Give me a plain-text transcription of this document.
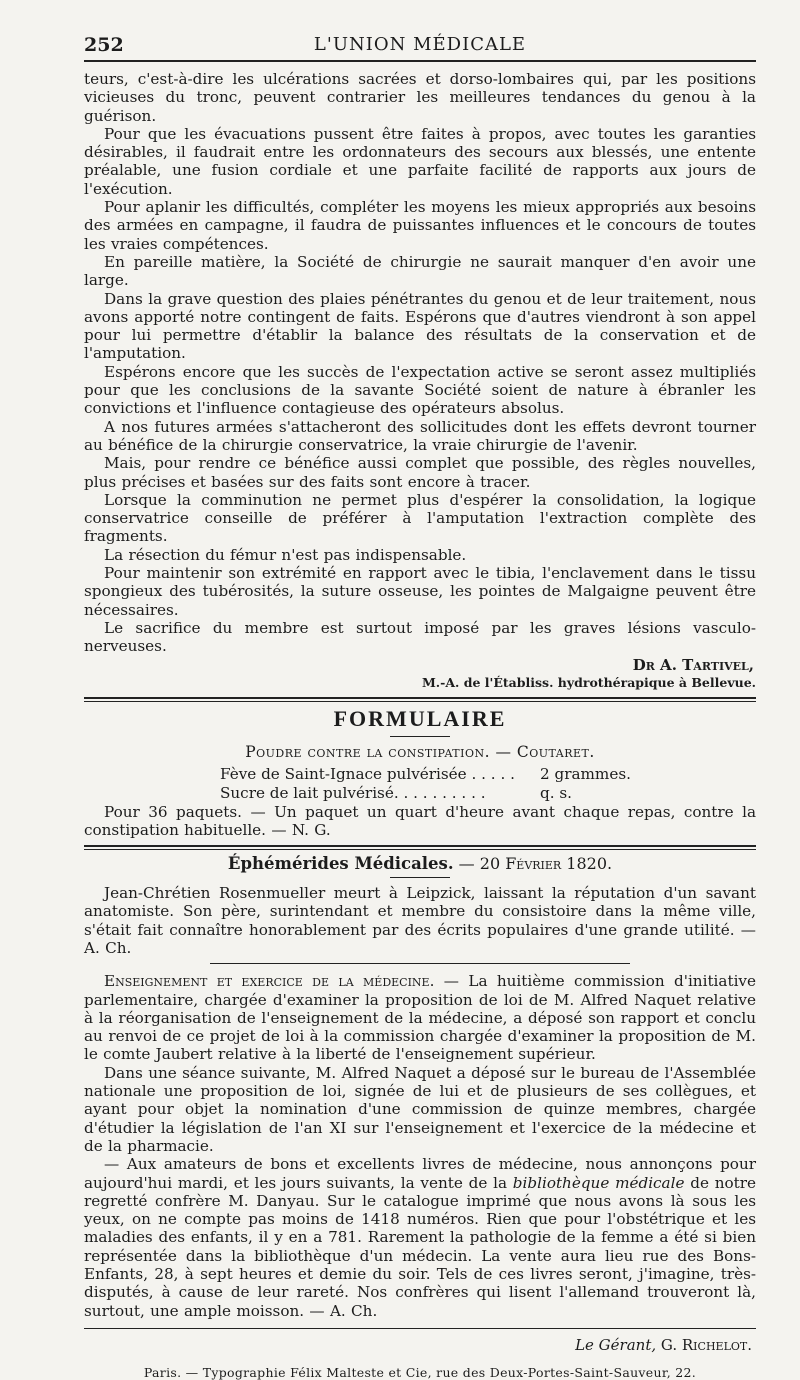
252	L'UNION MÉDICALE

teurs, c'est-à-dire les ulcérations sacrées et dorso-lombaires qui, par les positions vicieuses du tronc, peuvent contrarier les meilleures tendances du genou à la guérison.

Pour que les évacuations pussent être faites à propos, avec toutes les garanties désirables, il faudrait entre les ordonnateurs des secours aux blessés, une entente préalable, une fusion cordiale et une parfaite facilité de rapports aux jours de l'exécution.

Pour aplanir les difficultés, compléter les moyens les mieux appropriés aux besoins des armées en campagne, il faudra de puissantes influences et le concours de toutes les vraies compétences.

En pareille matière, la Société de chirurgie ne saurait manquer d'en avoir une large.

Dans la grave question des plaies pénétrantes du genou et de leur traitement, nous avons apporté notre contingent de faits. Espérons que d'autres viendront à son appel pour lui permettre d'établir la balance des résultats de la conservation et de l'amputation.

Espérons encore que les succès de l'expectation active se seront assez multipliés pour que les conclusions de la savante Société soient de nature à ébranler les convictions et l'influence contagieuse des opérateurs absolus.

A nos futures armées s'attacheront des sollicitudes dont les effets devront tourner au bénéfice de la chirurgie conservatrice, la vraie chirurgie de l'avenir.

Mais, pour rendre ce bénéfice aussi complet que possible, des règles nouvelles, plus précises et basées sur des faits sont encore à tracer.

Lorsque la comminution ne permet plus d'espérer la consolidation, la logique conservatrice conseille de préférer à l'amputation l'extraction complète des fragments.

La résection du fémur n'est pas indispensable.

Pour maintenir son extrémité en rapport avec le tibia, l'enclavement dans le tissu spongieux des tubérosités, la suture osseuse, les pointes de Malgaigne peuvent être nécessaires.

Le sacrifice du membre est surtout imposé par les graves lésions vasculo-nerveuses.

Dr A. Tartivel,
M.-A. de l'Établiss. hydrothérapique à Bellevue.
FORMULAIRE
Poudre contre la constipation. — Coutaret.
Fève de Saint-Ignace pulvérisée . . . . .	2 grammes.
Sucre de lait pulvérisé. . . . . . . . . .	q. s.

Pour 36 paquets. — Un paquet un quart d'heure avant chaque repas, contre la constipation habituelle. — N. G.

Éphémérides Médicales. — 20 Février 1820.

Jean-Chrétien Rosenmueller meurt à Leipzick, laissant la réputation d'un savant anatomiste. Son père, surintendant et membre du consistoire dans la même ville, s'était fait connaître honorablement par des écrits populaires d'une grande utilité. — A. Ch.

Enseignement et exercice de la médecine. — La huitième commission d'initiative parlementaire, chargée d'examiner la proposition de loi de M. Alfred Naquet relative à la réorganisation de l'enseignement de la médecine, a déposé son rapport et conclu au renvoi de ce projet de loi à la commission chargée d'examiner la proposition de M. le comte Jaubert relative à la liberté de l'enseignement supérieur.

Dans une séance suivante, M. Alfred Naquet a déposé sur le bureau de l'Assemblée nationale une proposition de loi, signée de lui et de plusieurs de ses collègues, et ayant pour objet la nomination d'une commission de quinze membres, chargée d'étudier la législation de l'an XI sur l'enseignement et l'exercice de la médecine et de la pharmacie.

— Aux amateurs de bons et excellents livres de médecine, nous annonçons pour aujourd'hui mardi, et les jours suivants, la vente de la bibliothèque médicale de notre regretté confrère M. Danyau. Sur le catalogue imprimé que nous avons là sous les yeux, on ne compte pas moins de 1418 numéros. Rien que pour l'obstétrique et les maladies des enfants, il y en a 781. Rarement la pathologie de la femme a été si bien représentée dans la bibliothèque d'un médecin. La vente aura lieu rue des Bons-Enfants, 28, à sept heures et demie du soir. Tels de ces livres seront, j'imagine, très-disputés, à cause de leur rareté. Nos confrères qui lisent l'allemand trouveront là, surtout, une ample moisson. — A. Ch.

Le Gérant, G. Richelot.
Paris. — Typographie Félix Malteste et Cie, rue des Deux-Portes-Saint-Sauveur, 22.
